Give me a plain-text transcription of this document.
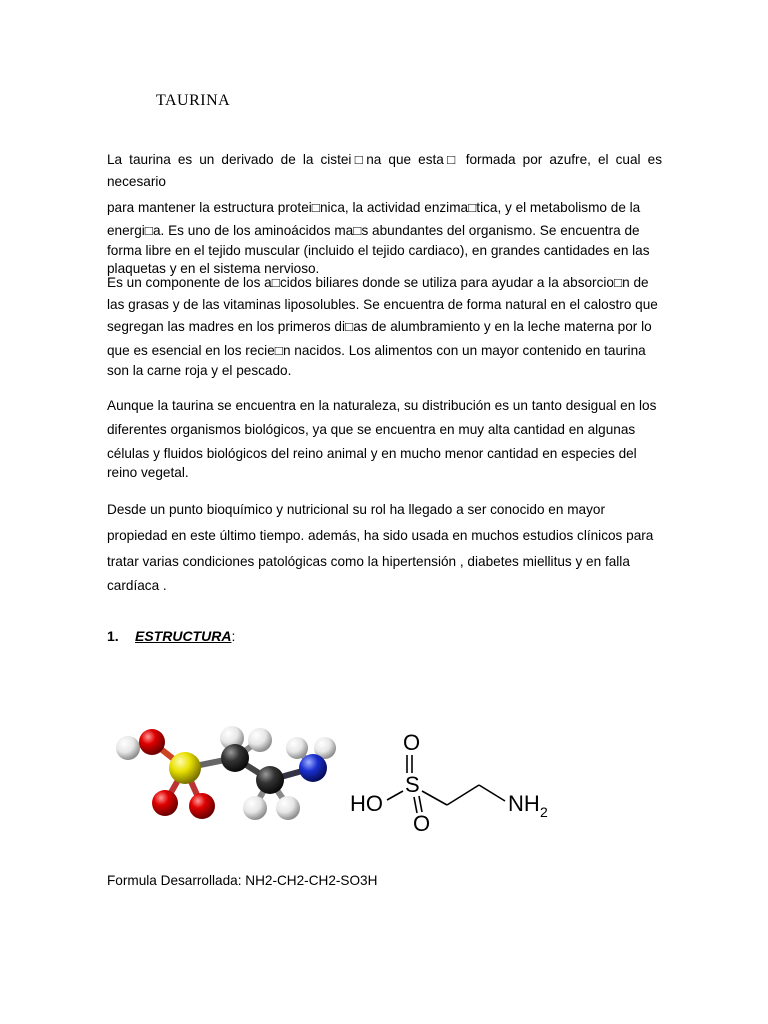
TAURINA
La taurina es un derivado de la cistei□na que esta□ formada por azufre, el cual es necesario
para mantener la estructura protei□nica, la actividad enzima□tica, y el metabolismo de la
energi□a. Es uno de los aminoácidos ma□s abundantes del organismo. Se encuentra de
forma libre en el tejido muscular (incluido el tejido cardiaco), en grandes cantidades en las
plaquetas y en el sistema nervioso.
Es un componente de los a□cidos biliares donde se utiliza para ayudar a la absorcio□n de
las grasas y de las vitaminas liposolubles. Se encuentra de forma natural en el calostro que
segregan las madres en los primeros di□as de alumbramiento y en la leche materna por lo
que es esencial en los recie□n nacidos. Los alimentos con un mayor contenido en taurina
son la carne roja y el pescado.
Aunque la taurina se encuentra en la naturaleza, su distribución es un tanto desigual en los
diferentes organismos biológicos, ya que se encuentra en muy alta cantidad en algunas
células y fluidos biológicos del reino animal y en mucho menor cantidad en especies del
reino vegetal.
Desde un punto bioquímico y nutricional su rol ha llegado a ser conocido en mayor
propiedad en este último tiempo. además, ha sido usada en muchos estudios clínicos para
tratar varias condiciones patológicas como la hipertensión , diabetes miellitus y en falla
cardíaca .
1. ESTRUCTURA:
O
S
O
HO	NH 2
Formula Desarrollada: NH2-CH2-CH2-SO3H
